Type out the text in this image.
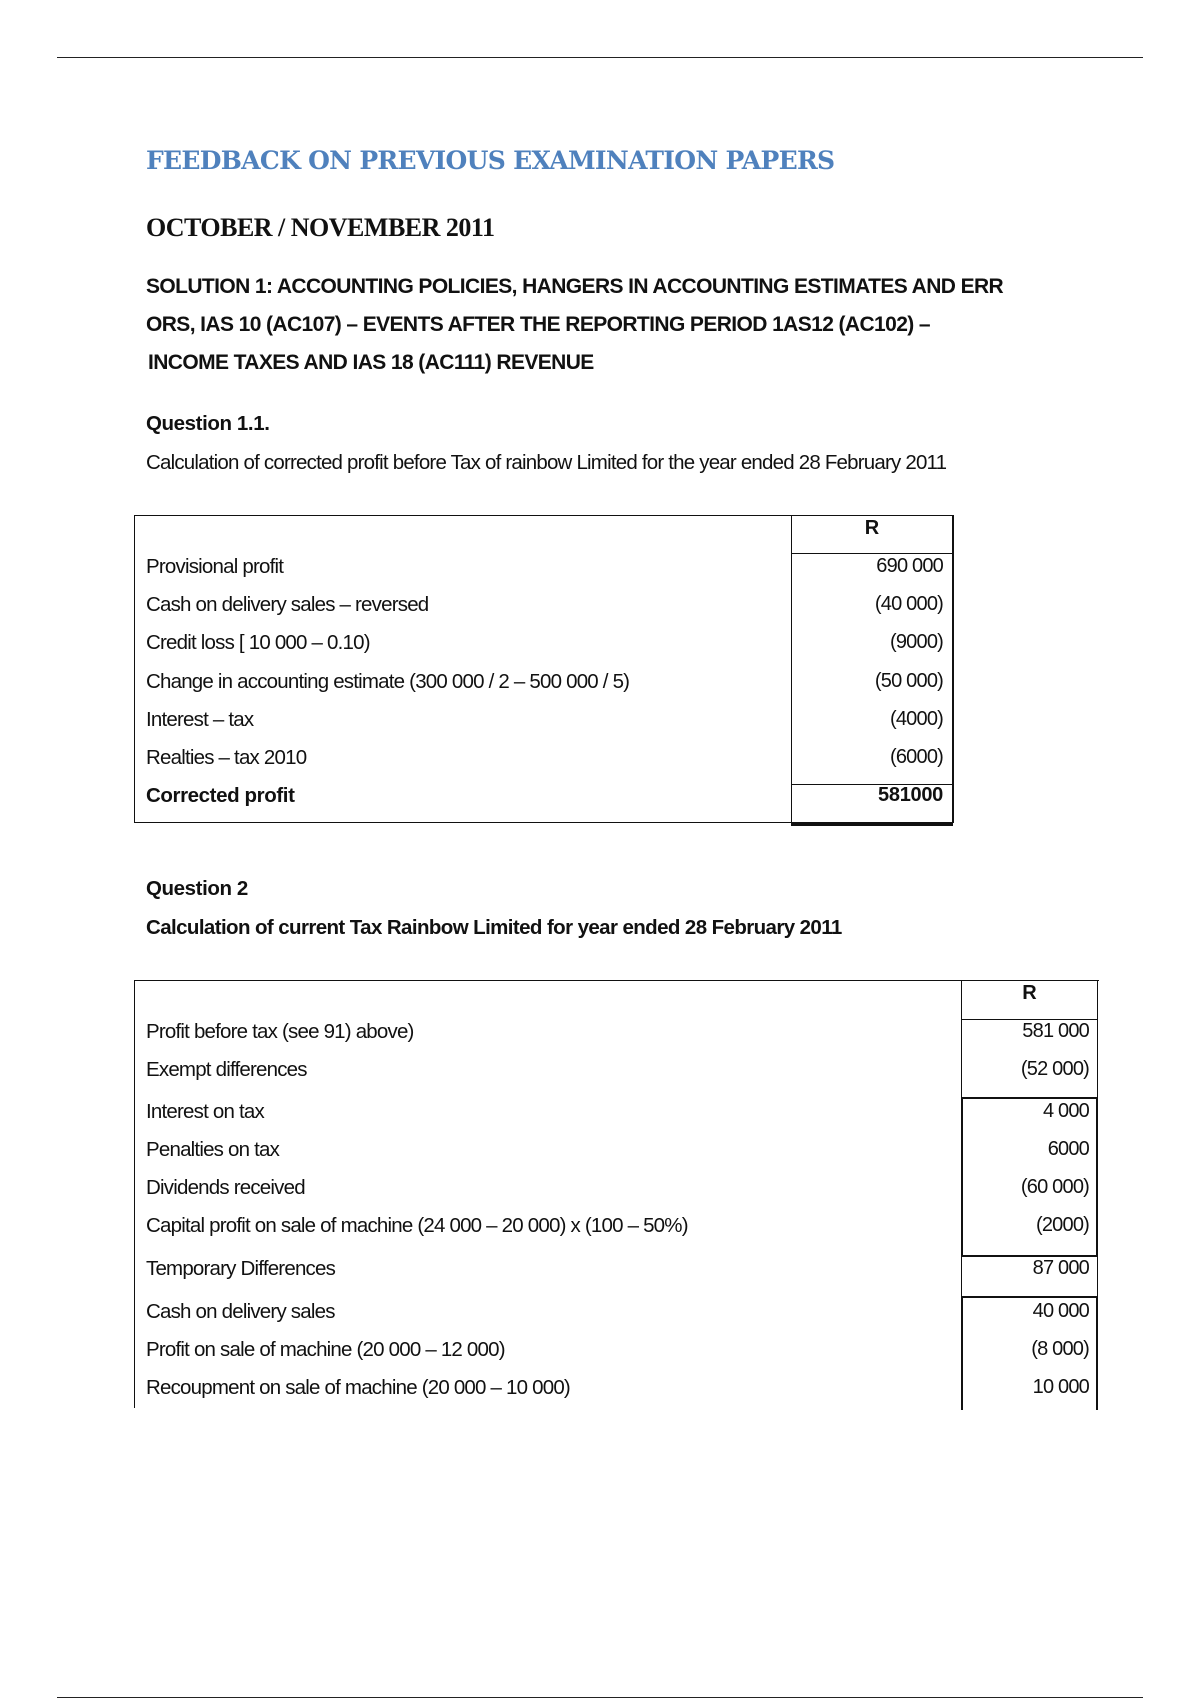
FEEDBACK ON PREVIOUS EXAMINATION PAPERS
OCTOBER / NOVEMBER 2011
SOLUTION 1: ACCOUNTING POLICIES, HANGERS IN ACCOUNTING ESTIMATES AND ERR
ORS, IAS 10 (AC107) – EVENTS AFTER THE REPORTING PERIOD 1AS12 (AC102) –
INCOME TAXES AND IAS 18 (AC111) REVENUE
Question 1.1.
Calculation of corrected profit before Tax of rainbow Limited for the year ended 28 February 2011
R
Provisional profit
Cash on delivery sales – reversed
Credit loss [ 10 000 – 0.10)
Change in accounting estimate (300 000 / 2 – 500 000 / 5)
Interest – tax
Realties – tax 2010
Corrected profit
690 000
(40 000)
(9000)
(50 000)
(4000)
(6000)
581000
Question 2
Calculation of current Tax Rainbow Limited for year ended 28 February 2011
R
Profit before tax (see 91) above)
Exempt differences
Interest on tax
Penalties on tax
Dividends received
Capital profit on sale of machine (24 000 – 20 000) x (100 – 50%)
Temporary Differences
Cash on delivery sales
Profit on sale of machine (20 000 – 12 000)
Recoupment on sale of machine (20 000 – 10 000)
581 000
(52 000)
4 000
6000
(60 000)
(2000)
87 000
40 000
(8 000)
10 000
